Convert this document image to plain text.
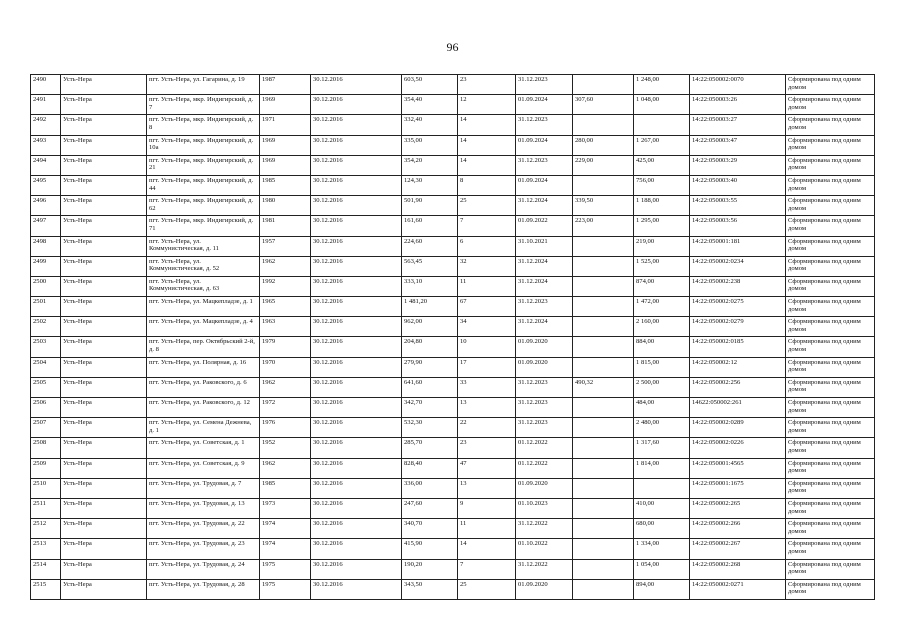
96
2490	Усть-Нера	пгт. Усть-Нера, ул. Гагарина, д. 19	1987	30.12.2016	603,50	23	31.12.2023		1 248,00	14:22:050002:0070	Сформирована под одним домом
2491	Усть-Нера	пгт. Усть-Нера, мкр. Индигирский, д. 7	1969	30.12.2016	354,40	12	01.09.2024	307,60	1 048,00	14:22:050003:26	Сформирована под одним домом
2492	Усть-Нера	пгт. Усть-Нера, мкр. Индигирский, д. 8	1971	30.12.2016	332,40	14	31.12.2023			14:22:050003:27	Сформирована под одним домом
2493	Усть-Нера	пгт. Усть-Нера, мкр. Индигирский, д. 10а	1969	30.12.2016	335,00	14	01.09.2024	280,00	1 267,00	14:22:050003:47	Сформирована под одним домом
2494	Усть-Нера	пгт. Усть-Нера, мкр. Индигирский, д. 21	1969	30.12.2016	354,20	14	31.12.2023	229,00	425,00	14:22:050003:29	Сформирована под одним домом
2495	Усть-Нера	пгт. Усть-Нера, мкр. Индигирский, д. 44	1985	30.12.2016	124,30	8	01.09.2024		756,00	14:22:050003:40	Сформирована под одним домом
2496	Усть-Нера	пгт. Усть-Нера, мкр. Индигирский, д. 62	1980	30.12.2016	501,90	25	31.12.2024	339,50	1 188,00	14:22:050003:55	Сформирована под одним домом
2497	Усть-Нера	пгт. Усть-Нера, мкр. Индигирский, д. 71	1981	30.12.2016	161,60	7	01.09.2022	223,00	1 295,00	14:22:050003:56	Сформирована под одним домом
2498	Усть-Нера	пгт. Усть-Нера, ул. Коммунистическая, д. 11	1957	30.12.2016	224,60	6	31.10.2021		219,00	14:22:050001:181	Сформирована под одним домом
2499	Усть-Нера	пгт. Усть-Нера, ул. Коммунистическая, д. 52	1962	30.12.2016	563,45	32	31.12.2024		1 525,00	14:22:050002:0234	Сформирована под одним домом
2500	Усть-Нера	пгт. Усть-Нера, ул. Коммунистическая, д. 63	1992	30.12.2016	333,10	11	31.12.2024		874,00	14:22:050002:238	Сформирована под одним домом
2501	Усть-Нера	пгт. Усть-Нера, ул. Мацкепладзе, д. 1	1965	30.12.2016	1 481,20	67	31.12.2023		1 472,00	14:22:050002:0275	Сформирована под одним домом
2502	Усть-Нера	пгт. Усть-Нера, ул. Мацкепладзе, д. 4	1963	30.12.2016	962,00	34	31.12.2024		2 160,00	14:22:050002:0279	Сформирована под одним домом
2503	Усть-Нера	пгт. Усть-Нера, пер. Октябрьский 2-й, д. 8	1979	30.12.2016	204,80	10	01.09.2020		884,00	14:22:050002:0185	Сформирована под одним домом
2504	Усть-Нера	пгт. Усть-Нера, ул. Полярная, д. 16	1970	30.12.2016	279,90	17	01.09.2020		1 815,00	14:22:050002:12	Сформирована под одним домом
2505	Усть-Нера	пгт. Усть-Нера, ул. Раковского, д. 6	1962	30.12.2016	641,60	33	31.12.2023	490,32	2 500,00	14:22:050002:256	Сформирована под одним домом
2506	Усть-Нера	пгт. Усть-Нера, ул. Раковского, д. 12	1972	30.12.2016	342,70	13	31.12.2023		484,00	14622:050002:261	Сформирована под одним домом
2507	Усть-Нера	пгт. Усть-Нера, ул. Семена Дежнева, д. 1	1976	30.12.2016	532,30	22	31.12.2023		2 480,00	14:22:050002:0289	Сформирована под одним домом
2508	Усть-Нера	пгт. Усть-Нера, ул. Советская, д. 1	1952	30.12.2016	285,70	23	01.12.2022		1 317,60	14:22:050002:0226	Сформирована под одним домом
2509	Усть-Нера	пгт. Усть-Нера, ул. Советская, д. 9	1962	30.12.2016	828,40	47	01.12.2022		1 814,00	14:22:050001:4565	Сформирована под одним домом
2510	Усть-Нера	пгт. Усть-Нера, ул. Трудовая, д. 7	1985	30.12.2016	336,00	13	01.09.2020			14:22:050001:1675	Сформирована под одним домом
2511	Усть-Нера	пгт. Усть-Нера, ул. Трудовая, д. 13	1973	30.12.2016	247,60	9	01.10.2023		410,00	14:22:050002:265	Сформирована под одним домом
2512	Усть-Нера	пгт. Усть-Нера, ул. Трудовая, д. 22	1974	30.12.2016	340,70	11	31.12.2022		680,00	14:22:050002:266	Сформирована под одним домом
2513	Усть-Нера	пгт. Усть-Нера, ул. Трудовая, д. 23	1974	30.12.2016	415,90	14	01.10.2022		1 334,00	14:22:050002:267	Сформирована под одним домом
2514	Усть-Нера	пгт. Усть-Нера, ул. Трудовая, д. 24	1975	30.12.2016	190,20	7	31.12.2022		1 054,00	14:22:050002:268	Сформирована под одним домом
2515	Усть-Нера	пгт. Усть-Нера, ул. Трудовая, д. 28	1975	30.12.2016	343,50	25	01.09.2020		894,00	14:22:050002:0271	Сформирована под одним домом
